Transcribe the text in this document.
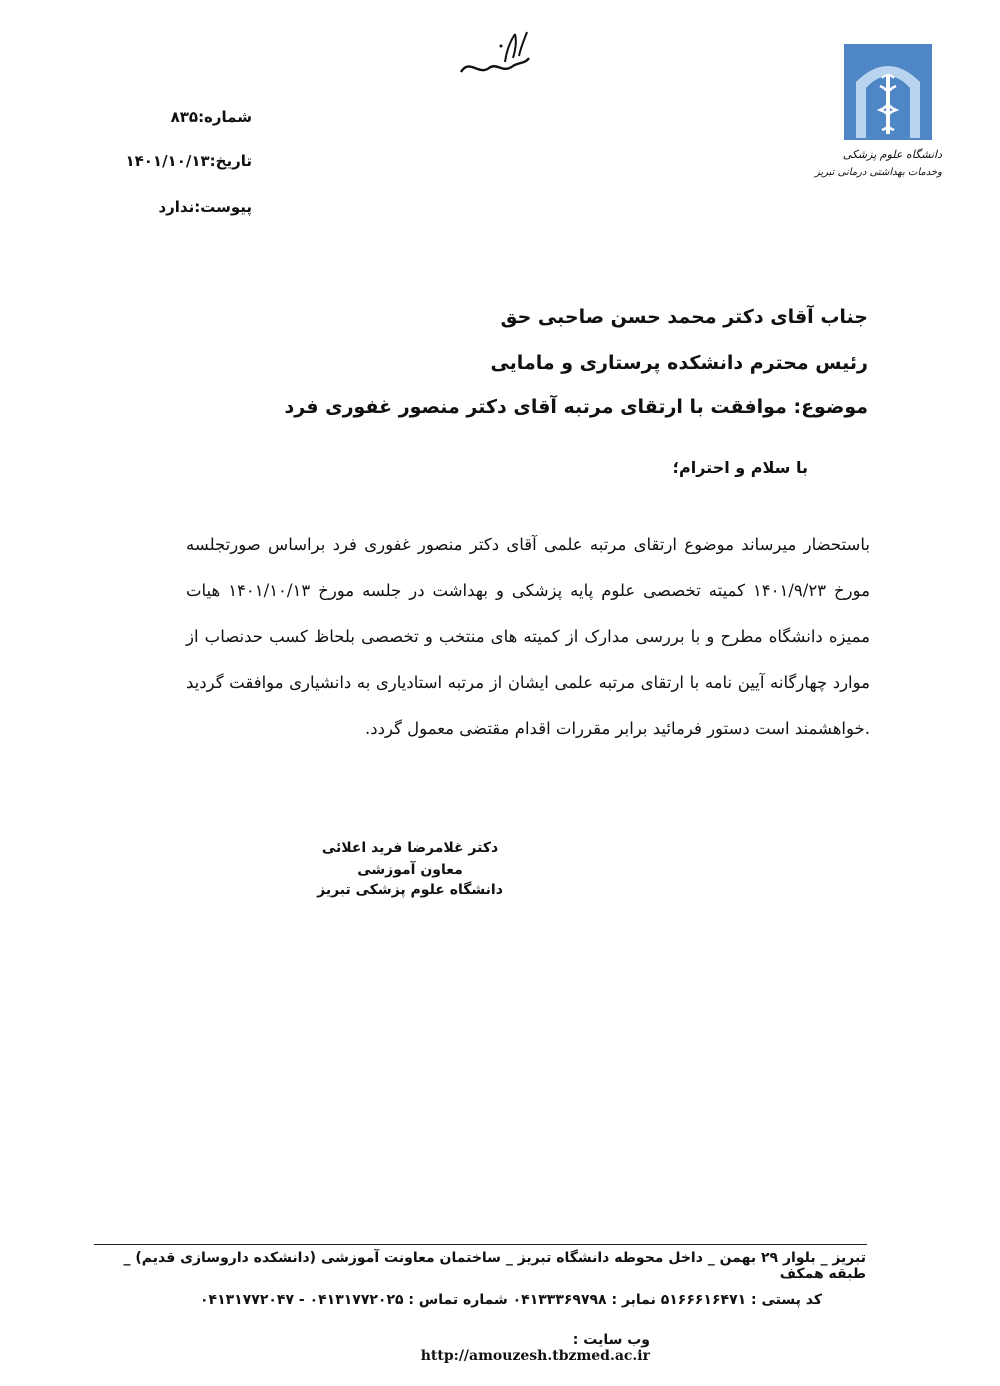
دانشگاه علوم پزشکی
وخدمات بهداشتی درمانی تبریز
شماره:۸۳۵
تاریخ:۱۴۰۱/۱۰/۱۳
پیوست:ندارد
جناب آقای دکتر محمد حسن صاحبی حق
رئیس محترم دانشکده پرستاری و مامایی
موضوع: موافقت با ارتقای مرتبه آقای دکتر منصور غفوری فرد
با سلام و احترام؛
باستحضار میرساند موضوع ارتقای مرتبه علمی آقای دکتر منصور غفوری فرد براساس صورتجلسه مورخ ۱۴۰۱/۹/۲۳ کمیته تخصصی علوم پایه پزشکی و بهداشت در جلسه مورخ ۱۴۰۱/۱۰/۱۳ هیات ممیزه دانشگاه مطرح و با بررسی مدارک از کمیته های منتخب و تخصصی بلحاظ کسب حدنصاب از موارد چهارگانه آیین نامه با ارتقای مرتبه علمی ایشان از مرتبه استادیاری به دانشیاری موافقت گردید .خواهشمند است دستور فرمائید برابر مقررات اقدام مقتضی معمول گردد.
دکتر غلامرضا فرید اعلائی
معاون آموزشی
دانشگاه علوم پزشکی تبریز
تبریز _ بلوار ۲۹ بهمن _ داخل محوطه دانشگاه تبریز _ ساختمان معاونت آموزشی (دانشکده داروسازی قدیم) _ طبقه همکف
کد پستی : ۵۱۶۶۶۱۶۴۷۱ نمابر : ۰۴۱۳۳۳۶۹۷۹۸ شماره تماس : ۰۴۱۳۱۷۷۲۰۲۵ - ۰۴۱۳۱۷۷۲۰۴۷
وب سایت :   http://amouzesh.tbzmed.ac.ir
